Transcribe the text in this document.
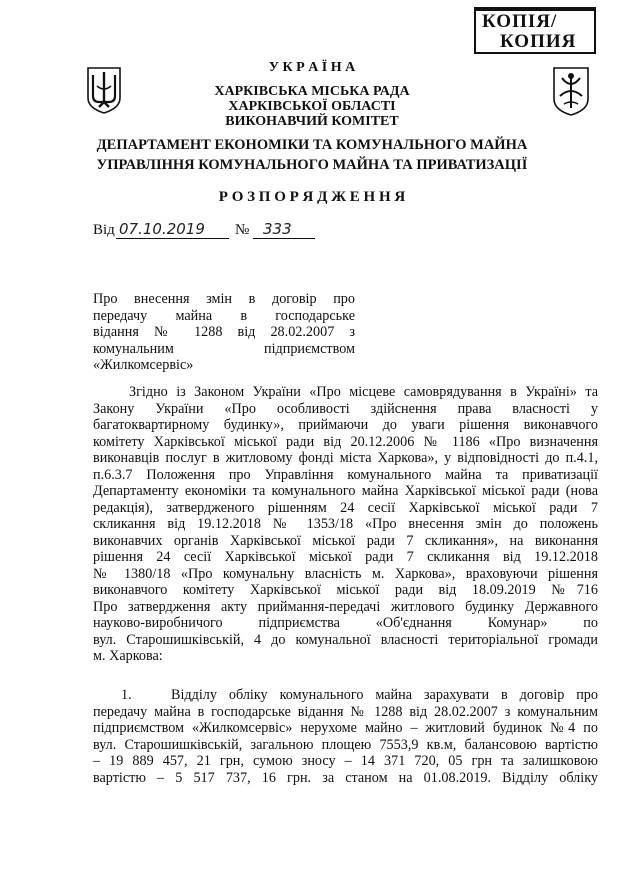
КОПІЯ/
КОПИЯ
У К Р А Ї Н А
ХАРКІВСЬКА МІСЬКА РАДА
ХАРКІВСЬКОЇ ОБЛАСТІ
ВИКОНАВЧИЙ КОМІТЕТ
ДЕПАРТАМЕНТ ЕКОНОМІКИ ТА КОМУНАЛЬНОГО МАЙНА
УПРАВЛІННЯ КОМУНАЛЬНОГО МАЙНА ТА ПРИВАТИЗАЦІЇ
Р О З П О Р Я Д Ж Е Н Н Я
Від 07.10.2019 № 333
Про внесення змін в договір про
передачу майна в господарське
відання № 1288 від 28.02.2007 з
комунальним підприємством
«Жилкомсервіс»
Згідно із Законом України «Про місцеве самоврядування в Україні» та
Закону України «Про особливості здійснення права власності у
багатоквартирному будинку», приймаючи до уваги рішення виконавчого
комітету Харківської міської ради від 20.12.2006 № 1186 «Про визначення
виконавців послуг в житловому фонді міста Харкова», у відповідності до п.4.1,
п.6.3.7 Положення про Управління комунального майна та приватизації
Департаменту економіки та комунального майна Харківської міської ради (нова
редакція), затвердженого рішенням 24 сесії Харківської міської ради 7
скликання від 19.12.2018 № 1353/18 «Про внесення змін до положень
виконавчих органів Харківської міської ради 7 скликання», на виконання
рішення 24 сесії Харківської міської ради 7 скликання від 19.12.2018
№ 1380/18 «Про комунальну власність м. Харкова», враховуючи рішення
виконавчого комітету Харківської міської ради від 18.09.2019 №716
Про затвердження акту приймання-передачі житлового будинку Державного
науково-виробничого підприємства «Об'єднання Комунар» по
вул. Старошишківській, 4 до комунальної власності територіальної громади
м. Харкова:
1.	Відділу обліку комунального майна зарахувати в договір про
передачу майна в господарське відання № 1288 від 28.02.2007 з комунальним
підприємством «Жилкомсервіс» нерухоме майно – житловий будинок №4 по
вул. Старошишківській, загальною площею 7553,9 кв.м, балансовою вартістю
– 19 889 457, 21 грн, сумою зносу – 14 371 720, 05 грн та залишковою
вартістю – 5 517 737, 16 грн. за станом на 01.08.2019. Відділу обліку
